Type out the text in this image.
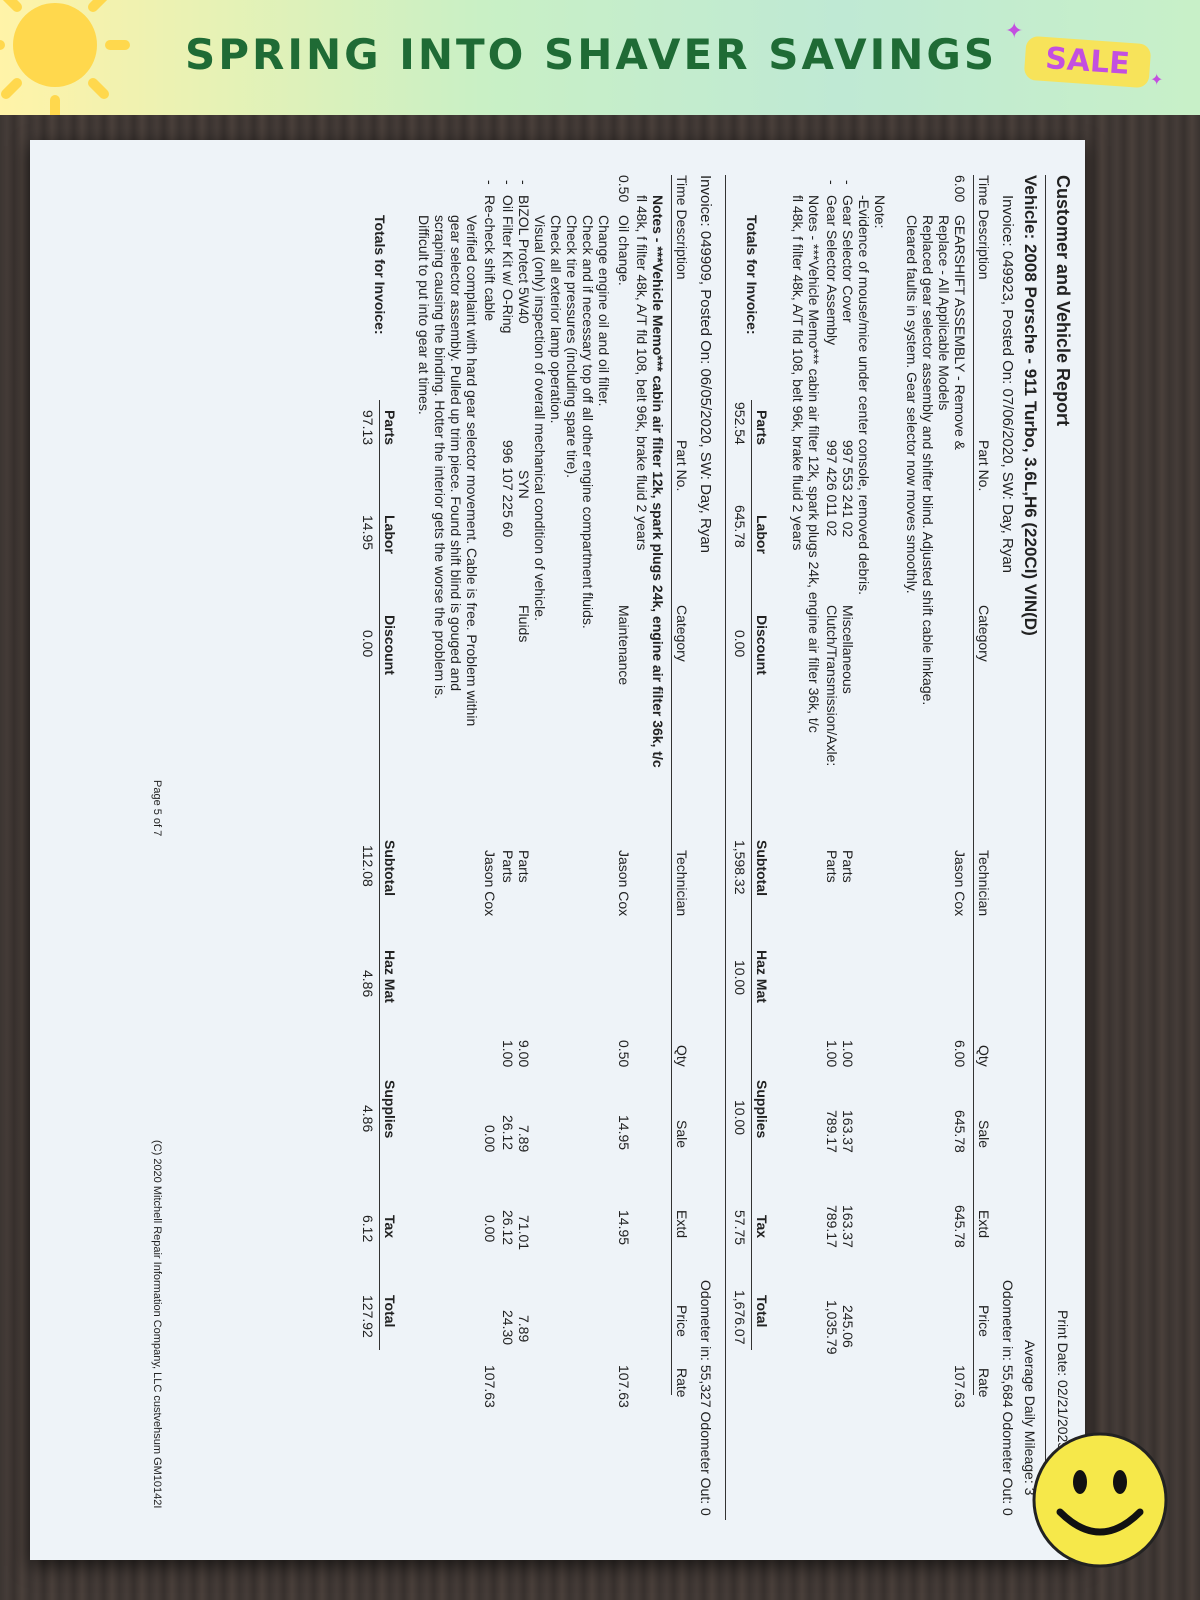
SPRING INTO SHAVER SAVINGS ✦
SALE	✦
Customer and Vehicle Report
Print Date: 02/21/2025
Vehicle: 2008 Porsche - 911 Turbo, 3.6L,H6 (220CI) VIN(D)
Average Daily Mileage: 3
Invoice: 049923, Posted On: 07/06/2020, SW: Day, Ryan
Odometer in: 55,684 Odometer Out: 0
Time Description
Part No.
Category
Technician
Qty
Sale
Extd
Price
Rate
6.00
GEARSHIFT ASSEMBLY - Remove &
Jason Cox
6.00
645.78
645.78
107.63
Replace - All Applicable Models
Replaced gear selector assembly and shifter blind. Adjusted shift cable linkage.
Cleared faults in system. Gear selector now moves smoothly.
Note:
-Evidence of mouse/mice under center console, removed debris.
-
Gear Selector Cover
997 553 241 02
Miscellaneous
Parts
1.00
163.37
163.37
245.06
-
Gear Selector Assembly
997 426 011 02
Clutch/Transmission/Axle:
Parts
1.00
789.17
789.17
1,035.79
Notes - ***Vehicle Memo*** cabin air filter 12k, spark plugs 24k, engine air filter 36k, t/c
fl 48k, f filter 48k, A/T fld 108, belt 96k, brake fluid 2 years
Parts
Labor
Discount
Subtotal
Haz Mat
Supplies
Tax
Total
Totals for Invoice:
952.54
645.78
0.00
1,598.32
10.00
10.00
57.75
1,676.07
Invoice: 049909, Posted On: 06/05/2020, SW: Day, Ryan
Odometer in: 55,327 Odometer Out: 0
Time Description
Part No.
Category
Technician
Qty
Sale
Extd
Price
Rate
Notes - ***Vehicle Memo*** cabin air filter 12k, spark plugs 24k, engine air filter 36k, t/c
fl 48k, f filter 48k, A/T fld 108, belt 96k, brake fluid 2 years
0.50
Oil change.
Maintenance
Jason Cox
0.50
14.95
14.95
107.63
Change engine oil and oil filter.
Check and if necessary top off all other engine compartment fluids.
Check tire pressures (including spare tire).
Check all exterior lamp operation.
Visual (only) inspection of overall mechanical condition of vehicle.
-
BIZOL Protect 5W40
SYN
Fluids
Parts
9.00
7.89
71.01
7.89
-
Oil Filter Kit w/ O-Ring
996 107 225 60
Parts
1.00
26.12
26.12
24.30
-
Re-check shift cable
Jason Cox
0.00
0.00
107.63
Verified complaint with hard gear selector movement. Cable is free. Problem within
gear selector assembly. Pulled up trim piece. Found shift blind is gouged and
scraping causing the binding. Hotter the interior gets the worse the problem is.
Difficult to put into gear at times.
Parts
Labor
Discount
Subtotal
Haz Mat
Supplies
Tax
Total
Totals for Invoice:
97.13
14.95
0.00
112.08
4.86
4.86
6.12
127.92
Page 5 of 7
(C) 2020 Mitchell Repair Information Company, LLC custvehsum GM10142I
